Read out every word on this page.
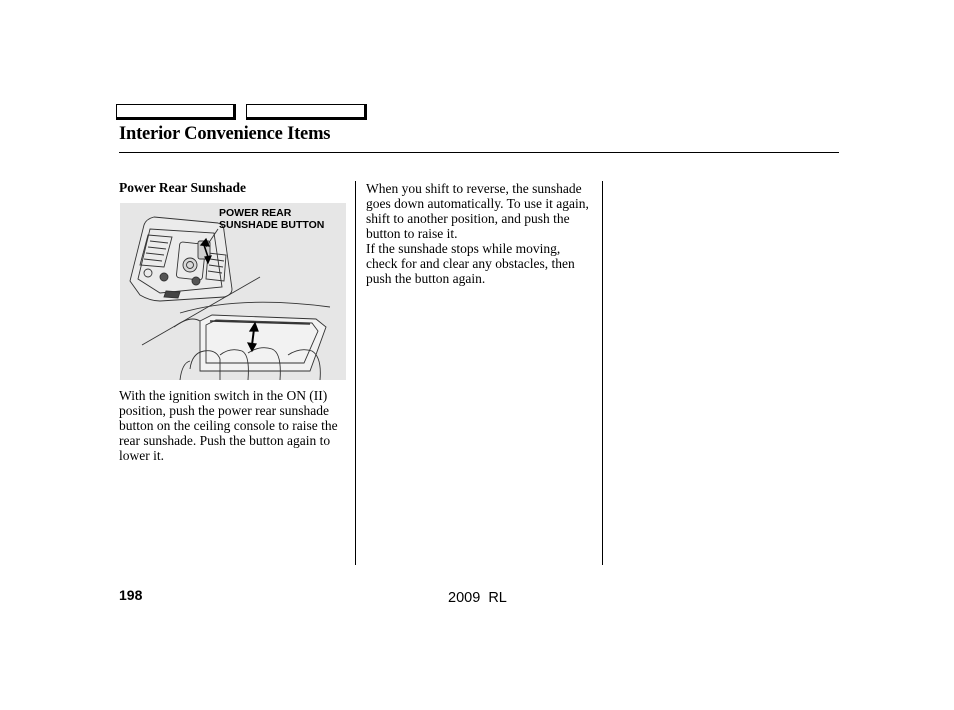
Interior Convenience Items
Power Rear Sunshade

POWER REAR
SUNSHADE BUTTON

With the ignition switch in the ON (II) position, push the power rear sunshade button on the ceiling console to raise the rear sunshade. Push the button again to lower it.

When you shift to reverse, the sunshade goes down automatically. To use it again, shift to another position, and push the button to raise it.

If the sunshade stops while moving, check for and clear any obstacles, then push the button again.

198	2009  RL
